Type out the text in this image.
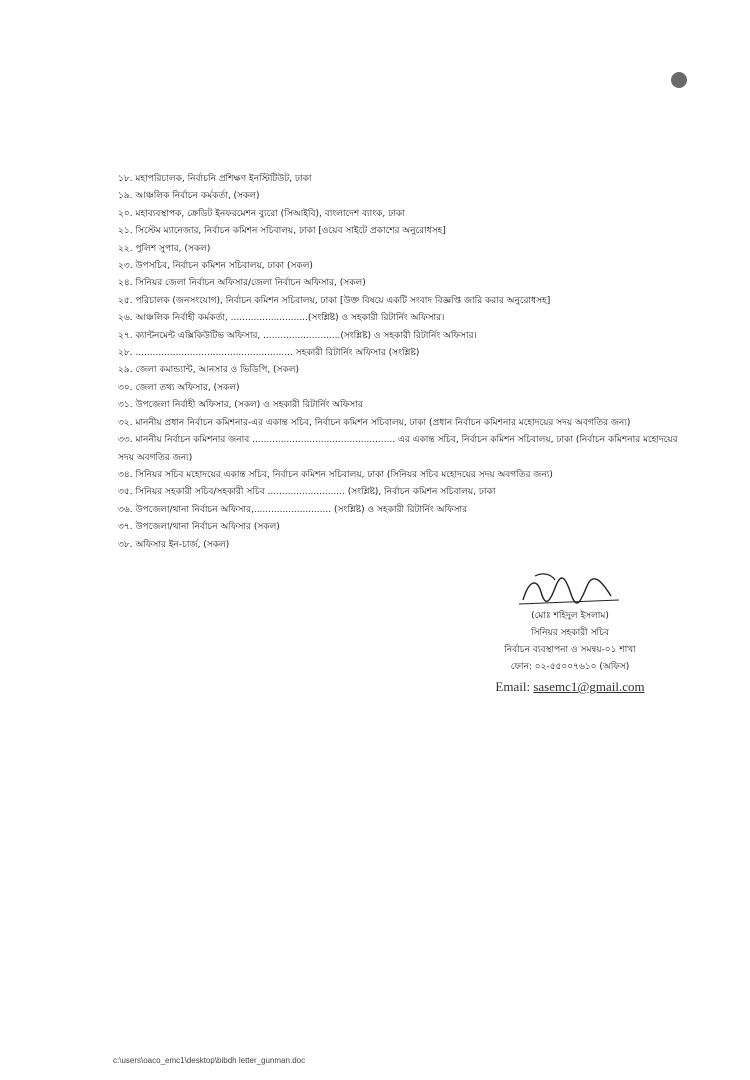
১৮. মহাপরিচালক, নির্বাচনি প্রশিক্ষণ ইনস্টিটিউট, ঢাকা
১৯. আঞ্চলিক নির্বাচন কর্মকর্তা, (সকল)
২০. মহাব্যবস্থাপক, ক্রেডিট ইনফরমেশন ব্যুরো (সিআইবি), বাংলাদেশ ব্যাংক, ঢাকা
২১. সিস্টেম ম্যানেজার, নির্বাচন কমিশন সচিবালয়, ঢাকা [ওয়েব সাইটে প্রকাশের অনুরোধসহ]
২২. পুলিশ সুপার, (সকল)
২৩. উপসচিব, নির্বাচন কমিশন সচিবালয়, ঢাকা (সকল)
২৪. সিনিয়র জেলা নির্বাচন অফিসার/জেলা নির্বাচন অফিসার, (সকল)
২৫. পরিচালক (জনসংযোগ), নির্বাচন কমিশন সচিবালয়, ঢাকা [উক্ত বিষয়ে একটি সংবাদ বিজ্ঞপ্তি জারি করার অনুরোধসহ]
২৬. আঞ্চলিক নির্বাহী কর্মকর্তা, ...........................(সংশ্লিষ্ট) ও সহকারী রিটার্নিং অফিসার।
২৭. ক্যান্টনমেন্ট এক্সিকিউটিভ অফিসার, ...........................(সংশ্লিষ্ট) ও সহকারী রিটার্নিং অফিসার।
২৮. ....................................................... সহকারী রিটার্নিং অফিসার (সংশ্লিষ্ট)
২৯. জেলা কমান্ড্যান্ট, আনসার ও ভিডিপি, (সকল)
৩০. জেলা তথ্য অফিসার, (সকল)
৩১. উপজেলা নির্বাহী অফিসার, (সকল) ও সহকারী রিটার্নিং অফিসার
৩২. মাননীয় প্রধান নির্বাচন কমিশনার-এর একান্ত সচিব, নির্বাচন কমিশন সচিবালয়, ঢাকা (প্রধান নির্বাচন কমিশনার মহোদয়ের সদয় অবগতির জন্য)
৩৩. মাননীয় নির্বাচন কমিশনার জনাব .................................................. এর একান্ত সচিব, নির্বাচন কমিশন সচিবালয়, ঢাকা (নির্বাচন কমিশনার মহোদয়ের সদয় অবগতির জন্য)
৩৪. সিনিয়র সচিব মহোদয়ের একান্ত সচিব, নির্বাচন কমিশন সচিবালয়, ঢাকা (সিনিয়র সচিব মহোদয়ের সদয় অবগতির জন্য)
৩৫. সিনিয়র সহকারী সচিব/সহকারী সচিব ........................... (সংশ্লিষ্ট), নির্বাচন কমিশন সচিবালয়, ঢাকা
৩৬. উপজেলা/থানা নির্বাচন অফিসার,........................... (সংশ্লিষ্ট) ও সহকারী রিটার্নিং অফিসার
৩৭. উপজেলা/থানা নির্বাচন অফিসার (সকল)
৩৮. অফিসার ইন-চার্জ, (সকল)
(মোঃ শহিদুল ইসলাম)
সিনিয়র সহকারী সচিব
নির্বাচন ব্যবস্থাপনা ও সমন্বয়-০১ শাখা
ফোন: ০২-৫৫০০৭৬১০ (অফিস)
Email: sasemc1@gmail.com
c:\users\oaco_emc1\desktop\bibdh letter_gunman.doc
